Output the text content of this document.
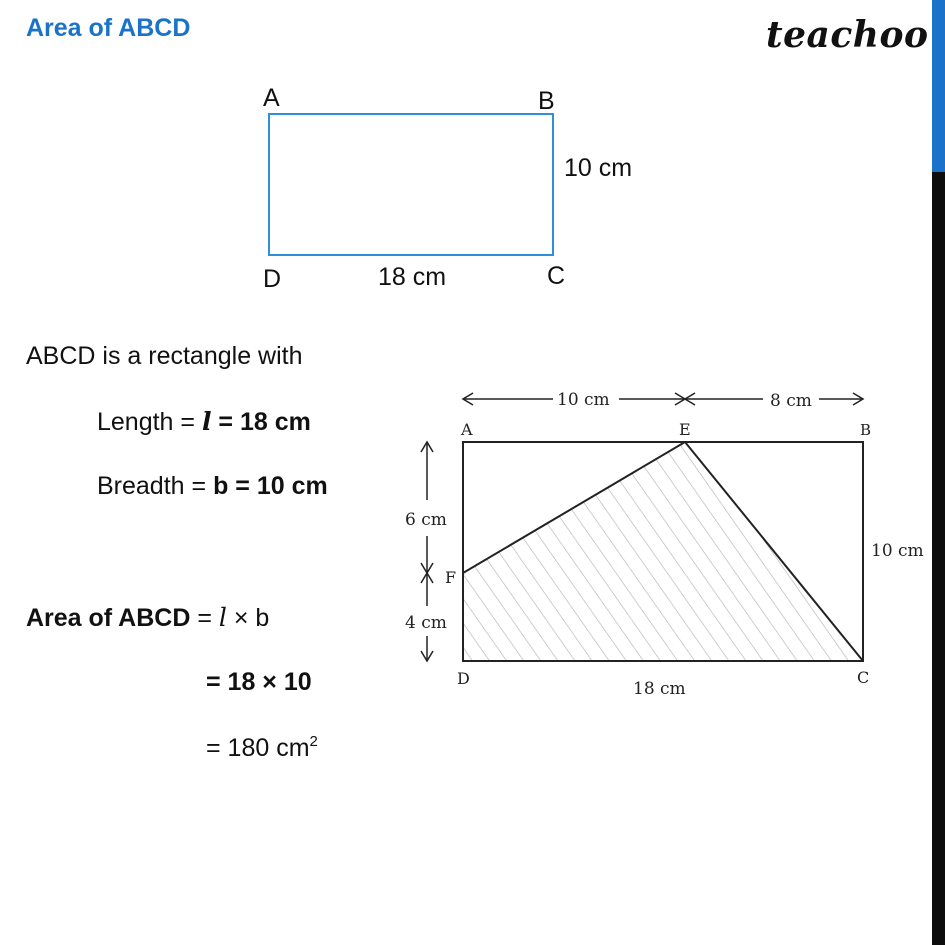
Area of ABCD	teachoo
A	B
10 cm
D	18 cm	C
ABCD is a rectangle with
Length = l = 18 cm
Breadth = b = 10 cm
Area of ABCD = l × b
= 18 × 10
= 180 $cm^2$
A	E	B
F
D	C
10 cm	8 cm
6 cm
4 cm
10 cm
18 cm
